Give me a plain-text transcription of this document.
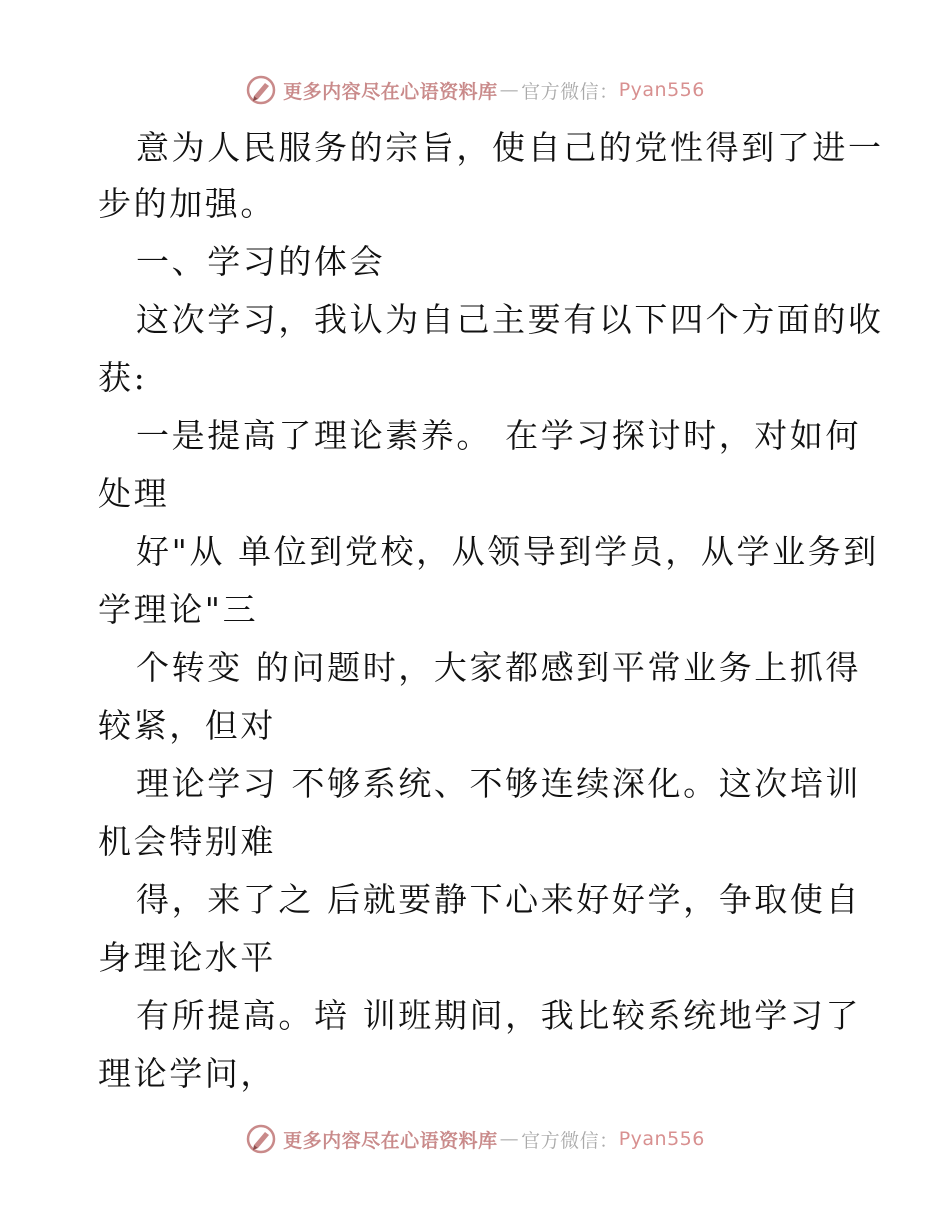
更多内容尽在心语资料库 — 官方微信： Pyan556
意为人民服务的宗旨，使自己的党性得到了进一
步的加强。
一、学习的体会
这次学习，我认为自己主要有以下四个方面的收
获:
一是提高了理论素养。 在学习探讨时，对如何
处理
好"从 单位到党校，从领导到学员，从学业务到
学理论"三
个转变 的问题时，大家都感到平常业务上抓得
较紧，但对
理论学习 不够系统、不够连续深化。这次培训
机会特别难
得，来了之 后就要静下心来好好学，争取使自
身理论水平
有所提高。培 训班期间，我比较系统地学习了
理论学问，
更多内容尽在心语资料库 — 官方微信： Pyan556
